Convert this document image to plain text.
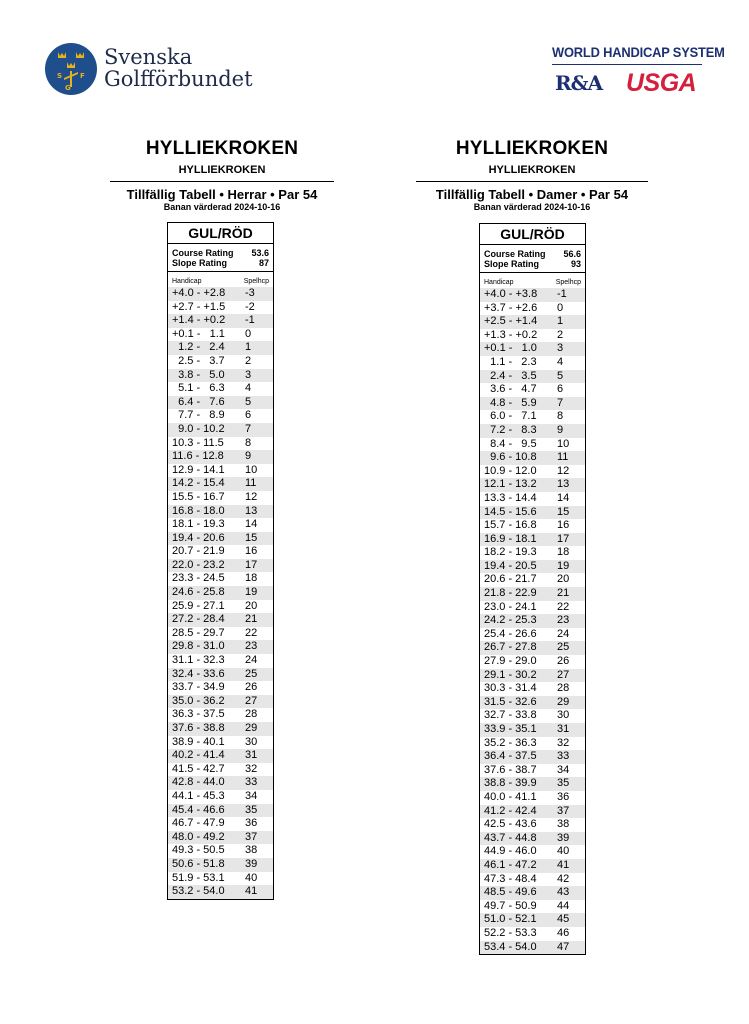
S
G
F
Svenska
Golfförbundet
WORLD HANDICAP SYSTEM
R&A USGA
HYLLIEKROKEN
HYLLIEKROKEN
Tillfällig Tabell • Herrar • Par 54
Banan värderad 2024-10-16
GUL/RÖD
Course Rating 53.6
Slope Rating	87
Handicap	Spelhcp
+4.0 - +2.8	-3
+2.7 - +1.5	-2
+1.4 - +0.2	-1
+0.1 -   1.1	0
1.2 -   2.4	1
2.5 -   3.7	2
3.8 -   5.0	3
5.1 -   6.3	4
6.4 -   7.6	5
7.7 -   8.9	6
9.0 - 10.2	7
10.3 - 11.5	8
11.6 - 12.8	9
12.9 - 14.1	10
14.2 - 15.4	11
15.5 - 16.7	12
16.8 - 18.0	13
18.1 - 19.3	14
19.4 - 20.6	15
20.7 - 21.9	16
22.0 - 23.2	17
23.3 - 24.5	18
24.6 - 25.8	19
25.9 - 27.1	20
27.2 - 28.4	21
28.5 - 29.7	22
29.8 - 31.0	23
31.1 - 32.3	24
32.4 - 33.6	25
33.7 - 34.9	26
35.0 - 36.2	27
36.3 - 37.5	28
37.6 - 38.8	29
38.9 - 40.1	30
40.2 - 41.4	31
41.5 - 42.7	32
42.8 - 44.0	33
44.1 - 45.3	34
45.4 - 46.6	35
46.7 - 47.9	36
48.0 - 49.2	37
49.3 - 50.5	38
50.6 - 51.8	39
51.9 - 53.1	40
53.2 - 54.0	41
HYLLIEKROKEN
HYLLIEKROKEN
Tillfällig Tabell • Damer • Par 54
Banan värderad 2024-10-16
GUL/RÖD
Course Rating 56.6
Slope Rating	93
Handicap	Spelhcp
+4.0 - +3.8	-1
+3.7 - +2.6	0
+2.5 - +1.4	1
+1.3 - +0.2	2
+0.1 -   1.0	3
1.1 -   2.3	4
2.4 -   3.5	5
3.6 -   4.7	6
4.8 -   5.9	7
6.0 -   7.1	8
7.2 -   8.3	9
8.4 -   9.5	10
9.6 - 10.8	11
10.9 - 12.0	12
12.1 - 13.2	13
13.3 - 14.4	14
14.5 - 15.6	15
15.7 - 16.8	16
16.9 - 18.1	17
18.2 - 19.3	18
19.4 - 20.5	19
20.6 - 21.7	20
21.8 - 22.9	21
23.0 - 24.1	22
24.2 - 25.3	23
25.4 - 26.6	24
26.7 - 27.8	25
27.9 - 29.0	26
29.1 - 30.2	27
30.3 - 31.4	28
31.5 - 32.6	29
32.7 - 33.8	30
33.9 - 35.1	31
35.2 - 36.3	32
36.4 - 37.5	33
37.6 - 38.7	34
38.8 - 39.9	35
40.0 - 41.1	36
41.2 - 42.4	37
42.5 - 43.6	38
43.7 - 44.8	39
44.9 - 46.0	40
46.1 - 47.2	41
47.3 - 48.4	42
48.5 - 49.6	43
49.7 - 50.9	44
51.0 - 52.1	45
52.2 - 53.3	46
53.4 - 54.0	47
